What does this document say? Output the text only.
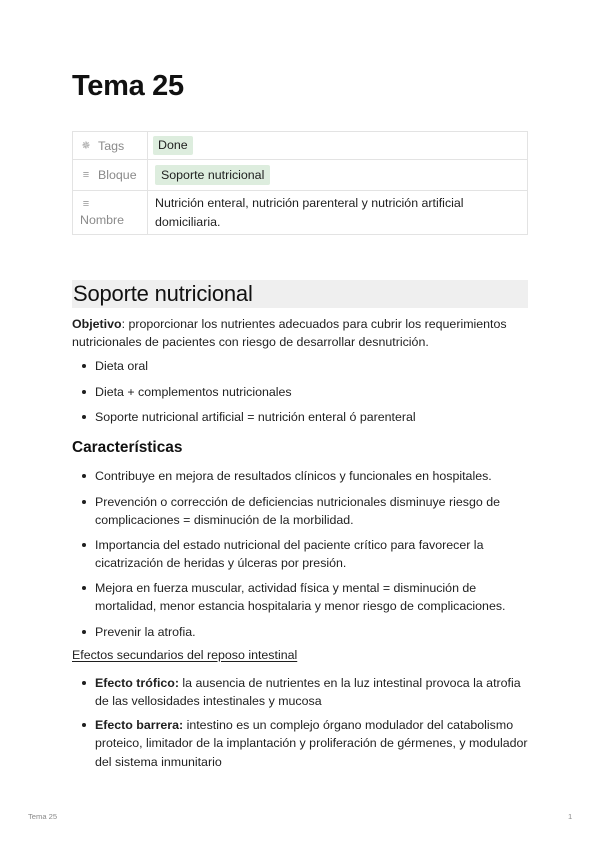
Tema 25
✵ Tags	Done

≡ Bloque	Soporte nutricional

≡
Nombre	Nutrición enteral, nutrición parenteral y nutrición artificial domiciliaria.
Soporte nutricional
Objetivo: proporcionar los nutrientes adecuados para cubrir los requerimientos nutricionales de pacientes con riesgo de desarrollar desnutrición.
Dieta oral
Dieta + complementos nutricionales
Soporte nutricional artificial = nutrición enteral ó parenteral
Características
Contribuye en mejora de resultados clínicos y funcionales en hospitales.
Prevención o corrección de deficiencias nutricionales disminuye riesgo de complicaciones = disminución de la morbilidad.
Importancia del estado nutricional del paciente crítico para favorecer la cicatrización de heridas y úlceras por presión.
Mejora en fuerza muscular, actividad física y mental = disminución de mortalidad, menor estancia hospitalaria y menor riesgo de complicaciones.
Prevenir la atrofia.
Efectos secundarios del reposo intestinal
Efecto trófico: la ausencia de nutrientes en la luz intestinal provoca la atrofia de las vellosidades intestinales y mucosa
Efecto barrera: intestino es un complejo órgano modulador del catabolismo proteico, limitador de la implantación y proliferación de gérmenes, y modulador del sistema inmunitario
Tema 25	1
